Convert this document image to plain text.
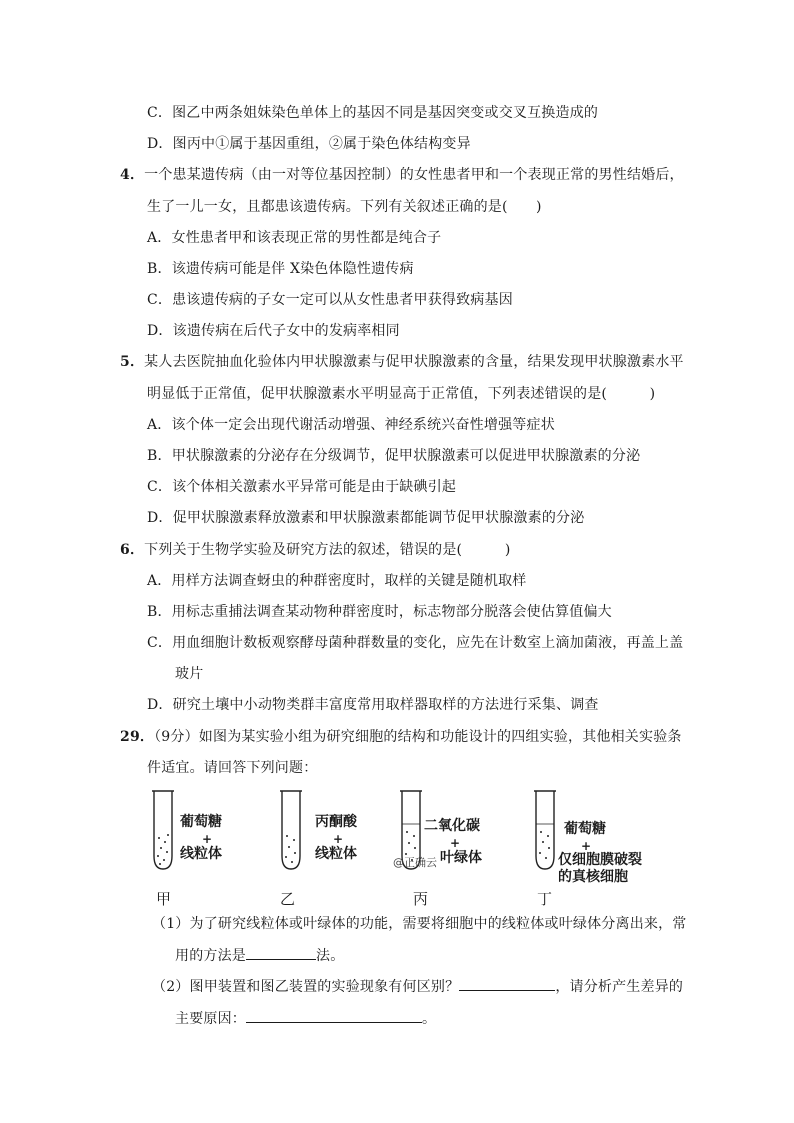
C．图乙中两条姐妹染色单体上的基因不同是基因突变或交叉互换造成的
D．图丙中①属于基因重组，②属于染色体结构变异
4．一个患某遗传病（由一对等位基因控制）的女性患者甲和一个表现正常的男性结婚后，
生了一儿一女，且都患该遗传病。下列有关叙述正确的是(　　)
A．女性患者甲和该表现正常的男性都是纯合子
B．该遗传病可能是伴 X染色体隐性遗传病
C．患该遗传病的子女一定可以从女性患者甲获得致病基因
D．该遗传病在后代子女中的发病率相同
5．某人去医院抽血化验体内甲状腺激素与促甲状腺激素的含量，结果发现甲状腺激素水平
明显低于正常值，促甲状腺激素水平明显高于正常值，下列表述错误的是(　　　)
A．该个体一定会出现代谢活动增强、神经系统兴奋性增强等症状
B．甲状腺激素的分泌存在分级调节，促甲状腺激素可以促进甲状腺激素的分泌
C．该个体相关激素水平异常可能是由于缺碘引起
D．促甲状腺激素释放激素和甲状腺激素都能调节促甲状腺激素的分泌
6．下列关于生物学实验及研究方法的叙述，错误的是(　　　)
A．用样方法调查蚜虫的种群密度时，取样的关键是随机取样
B．用标志重捕法调查某动物种群密度时，标志物部分脱落会使估算值偏大
C．用血细胞计数板观察酵母菌种群数量的变化，应先在计数室上滴加菌液，再盖上盖
玻片
D．研究土壤中小动物类群丰富度常用取样器取样的方法进行采集、调查
29．（9分）如图为某实验小组为研究细胞的结构和功能设计的四组实验，其他相关实验条
件适宜。请回答下列问题：
葡萄糖
+
线粒体
甲
丙酮酸
+
线粒体
乙
二氧化碳
+
叶绿体
@正确云
丙
葡萄糖
+
仅细胞膜破裂
的真核细胞
丁
（1）为了研究线粒体或叶绿体的功能，需要将细胞中的线粒体或叶绿体分离出来，常
用的方法是	法。
（2）图甲装置和图乙装置的实验现象有何区别？	，请分析产生差异的
主要原因：	。
